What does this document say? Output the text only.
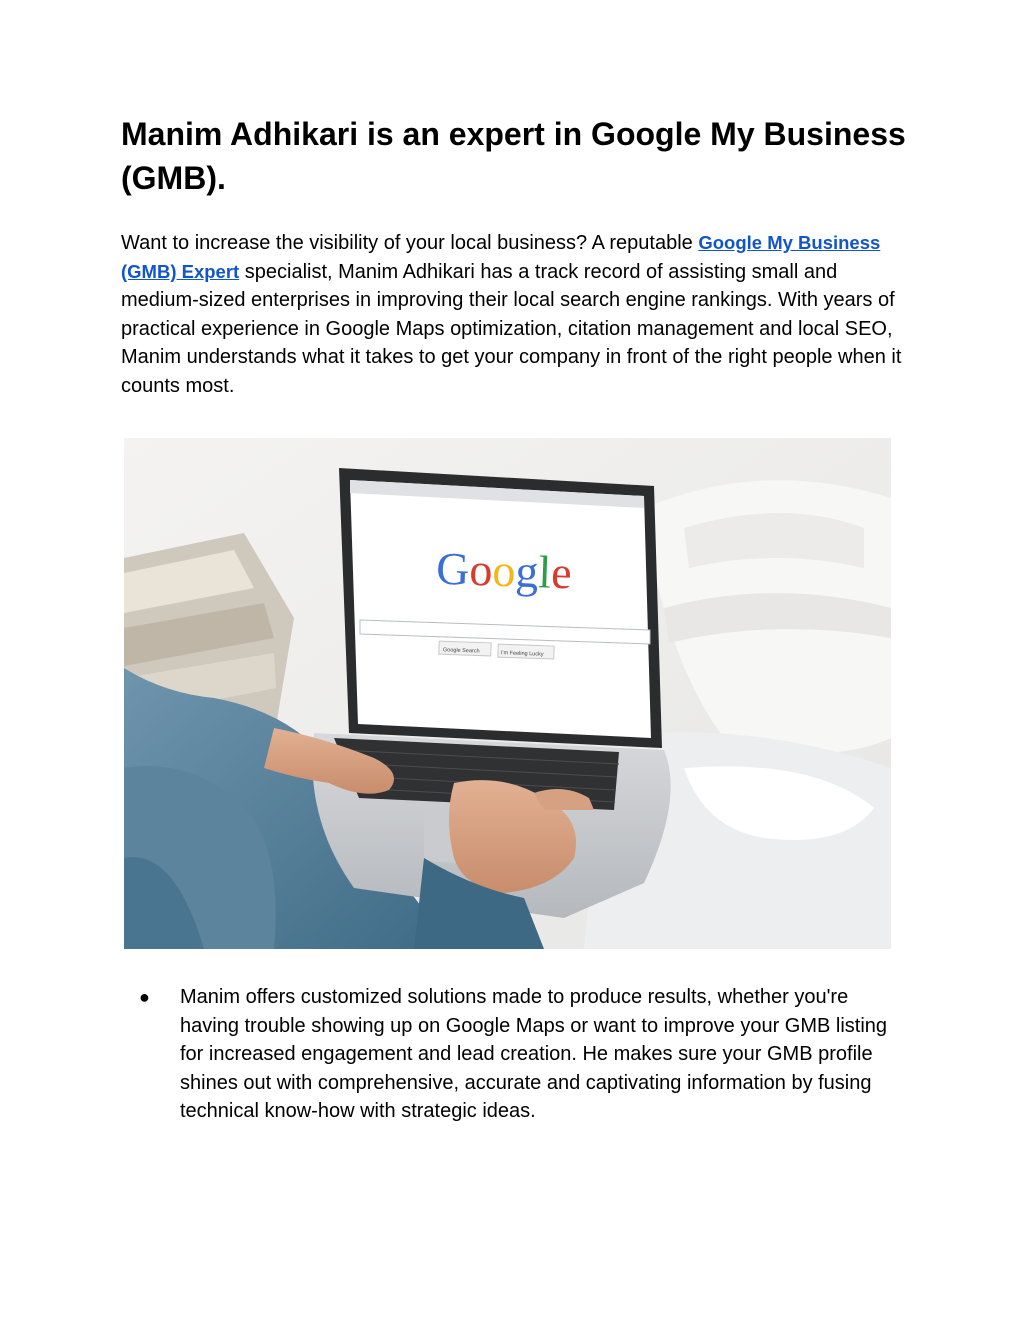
Manim Adhikari is an expert in Google My Business (GMB).

Want to increase the visibility of your local business? A reputable Google My Business (GMB) Expert specialist, Manim Adhikari has a track record of assisting small and medium-sized enterprises in improving their local search engine rankings. With years of practical experience in Google Maps optimization, citation management and local SEO, Manim understands what it takes to get your company in front of the right people when it counts most.

Google
Google Search	I'm Feeling Lucky
● Manim offers customized solutions made to produce results, whether you're having trouble showing up on Google Maps or want to improve your GMB listing for increased engagement and lead creation. He makes sure your GMB profile shines out with comprehensive, accurate and captivating information by fusing technical know-how with strategic ideas.
